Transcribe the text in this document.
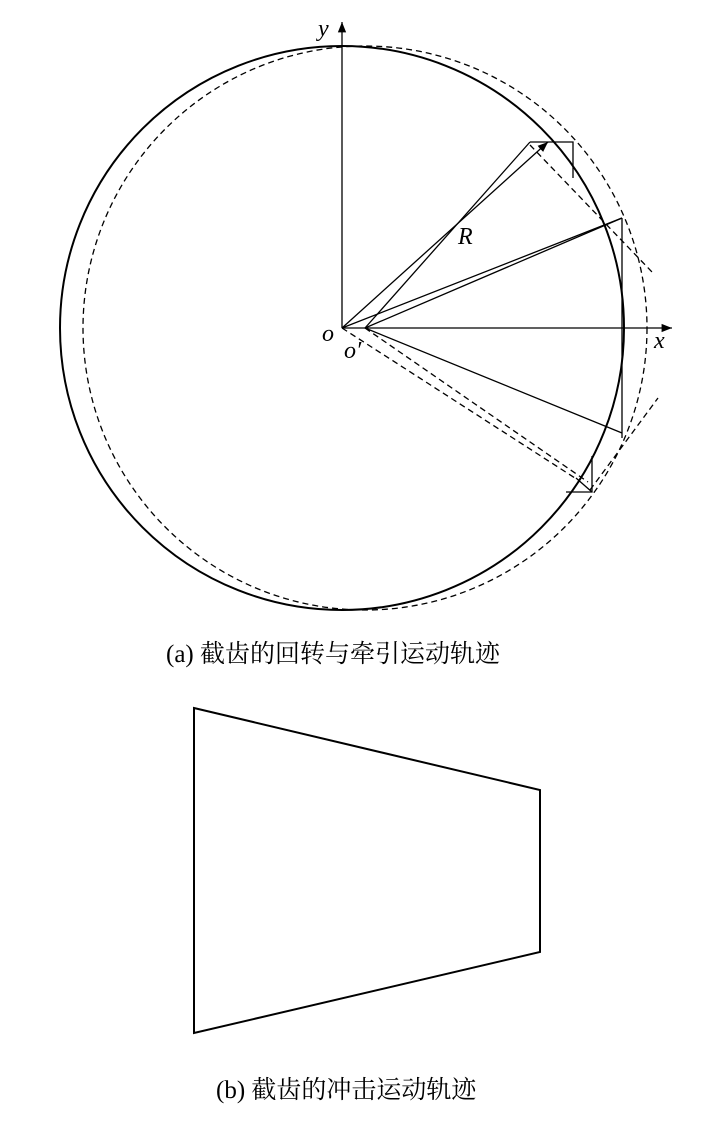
y
x
o
o′
R
(a) 截齿的回转与牵引运动轨迹
(b) 截齿的冲击运动轨迹
